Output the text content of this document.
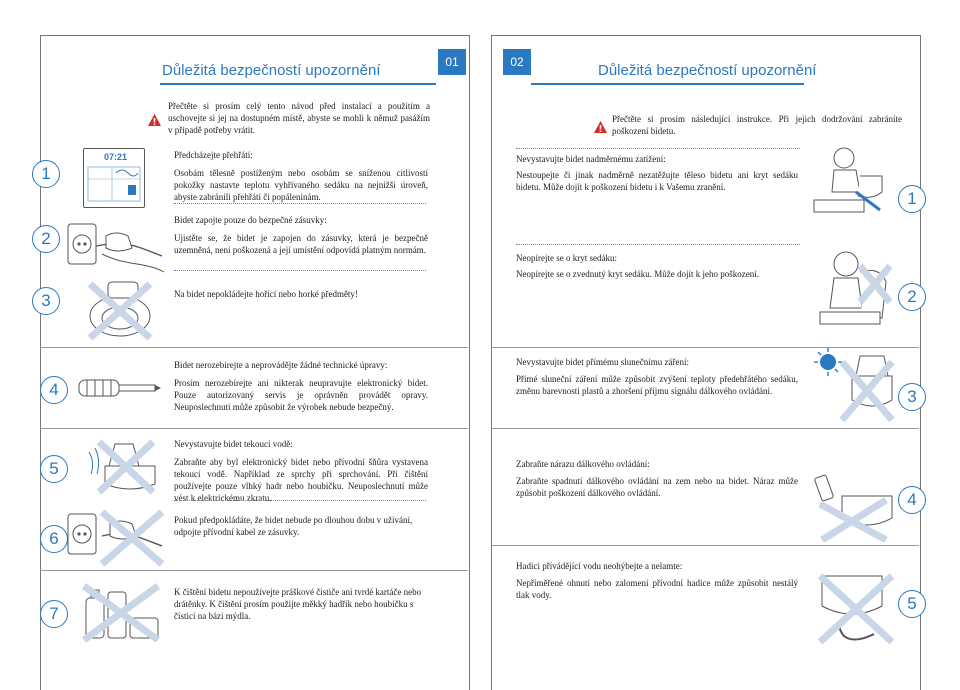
Důležitá bezpečností upozornění	01	02	Důležitá bezpečností upozornění
Přečtěte si prosím celý tento návod před instalací a použitím a uschovejte si jej na dostupném místě, abyste se mohli k němuž pasážím v případě potřeby vrátit.
1
07:21	Předcházejte přehřátí:
Osobám tělesně postiženým nebo osobám se sníženou citlivostí pokožky nastavte teplotu vyhřívaného sedáku na nejnižší úroveň, abyste zabránili přehřátí či popáleninám.
2
Bidet zapojte pouze do bezpečné zásuvky:
Ujistěte se, že bidet je zapojen do zásuvky, která je bezpečně uzemněná, není poškozená a její umístění odpovídá platným normám.
3	Na bidet nepokládejte hořící nebo horké předměty!
4
Bidet nerozebírejte a neprovádějte žádné technické úpravy:
Prosím nerozebírejte ani nikterak neupravujte elektronický bidet. Pouze autorizovaný servis je oprávněn provádět opravy. Neuposlechnutí může způsobit že výrobek nebude bezpečný.
5
Nevystavujte bidet tekoucí vodě:
Zabraňte aby byl elektronický bidet nebo přívodní šňůra vystavena tekoucí vodě. Například ze sprchy při sprchování. Při čištění používejte pouze vlhký hadr nebo houbičku. Neuposlechnutí může vést k elektrickému zkratu.
6
Pokud předpokládáte, že bidet nebude po dlouhou dobu v užívání, odpojte přívodní kabel ze zásuvky.
7
K čištění bidetu nepoužívejte práškové čističe ani tvrdé kartáče nebo drátěnky. K čištění prosím použijte měkký hadřík nebo houbičku s čisticí na bázi mýdla.
Přečtěte si prosím následující instrukce. Při jejich dodržování zabráníte poškození bidetu.
Nevystavujte bidet nadměrnému zatížení:
Nestoupejte či jinak nadměrně nezatěžujte těleso bidetu ani kryt sedáku bidetu. Může dojít k poškození bidetu i k Vašemu zranění.
1
Neopírejte se o kryt sedáku:
Neopírejte se o zvednutý kryt sedáku. Může dojít k jeho poškození.
2
Nevystavujte bidet přímému slunečnímu záření:
Přímé sluneční záření může způsobit zvýšení teploty předehřátého sedáku, změnu barevnosti plastů a zhoršení příjmu signálu dálkového ovládání.	3
Zabraňte nárazu dálkového ovládání:
Zabraňte spadnutí dálkového ovládání na zem nebo na bidet. Náraz může způsobit poškození dálkového ovládání.	4
Hadici přívádějící vodu neohýbejte a nelamte:
Nepřiměřené ohnutí nebo zalomení přívodní hadice může způsobit nestálý tlak vody.	5
